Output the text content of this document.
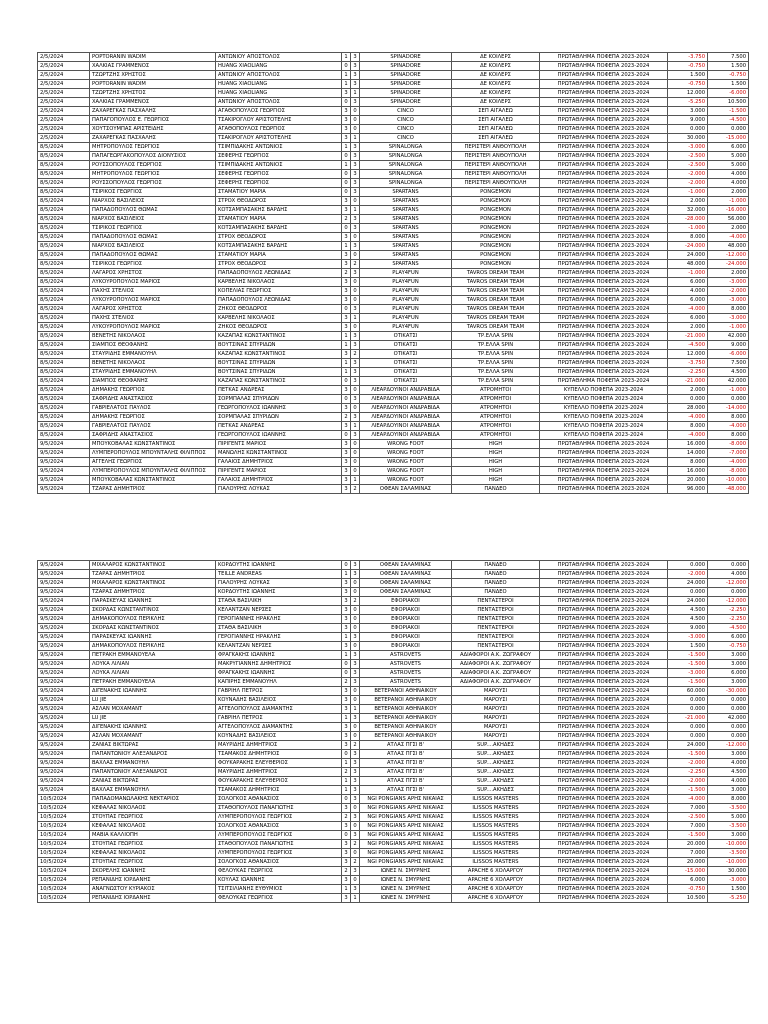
2/5/2024	ΡΟΡΤΟRANIN WADIM	ΑΝΤΩΝΙΟΥ ΑΠΟΣΤΟΛΟΣ	1	3	SPINADORE	ΔΕ ΚΟΙΛΕΡΣ	ΠΡΩΤΑΘΛΗΜΑ ΠΟΦΕΠΑ 2023-2024	-3.750	7.500
2/5/2024	ΧΑΛΚΙΑΣ ΓΡΑΜΜΕΝΟΣ	HUANG XIAOLIANG	0	3	SPINADORE	ΔΕ ΚΟΙΛΕΡΣ	ΠΡΩΤΑΘΛΗΜΑ ΠΟΦΕΠΑ 2023-2024	-0.750	1.500
2/5/2024	ΤΖΩΡΤΖΗΣ ΧΡΗΣΤΟΣ	ΑΝΤΩΝΙΟΥ ΑΠΟΣΤΟΛΟΣ	1	3	SPINADORE	ΔΕ ΚΟΙΛΕΡΣ	ΠΡΩΤΑΘΛΗΜΑ ΠΟΦΕΠΑ 2023-2024	1.500	-0.750
2/5/2024	ΡΟΡΤΟRANIN WADIM	HUANG XIAOLIANG	1	3	SPINADORE	ΔΕ ΚΟΙΛΕΡΣ	ΠΡΩΤΑΘΛΗΜΑ ΠΟΦΕΠΑ 2023-2024	-0.750	1.500
2/5/2024	ΤΖΩΡΤΖΗΣ ΧΡΗΣΤΟΣ	HUANG XIAOLIANG	3	1	SPINADORE	ΔΕ ΚΟΙΛΕΡΣ	ΠΡΩΤΑΘΛΗΜΑ ΠΟΦΕΠΑ 2023-2024	12.000	-6.000
2/5/2024	ΧΑΛΚΙΑΣ ΓΡΑΜΜΕΝΟΣ	ΑΝΤΩΝΙΟΥ ΑΠΟΣΤΟΛΟΣ	0	3	SPINADORE	ΔΕ ΚΟΙΛΕΡΣ	ΠΡΩΤΑΘΛΗΜΑ ΠΟΦΕΠΑ 2023-2024	-5.250	10.500
2/5/2024	ΖΑΧΑΡΕΓΚΑΣ ΠΑΣΧΑΛΗΣ	ΑΓΑΘΟΠΟΥΛΟΣ ΓΕΩΡΓΙΟΣ	3	0	CINCO	ΣΕΠ ΑΙΓΑΛΕΩ	ΠΡΩΤΑΘΛΗΜΑ ΠΟΦΕΠΑ 2023-2024	3.000	-1.500
2/5/2024	ΠΑΠΑΓΟΠΟΥΛΟΣ Ε. ΓΕΩΡΓΙΟΣ	ΤΣΑΚΙΡΟΓΛΟΥ ΑΡΙΣΤΟΤΕΛΗΣ	3	0	CINCO	ΣΕΠ ΑΙΓΑΛΕΩ	ΠΡΩΤΑΘΛΗΜΑ ΠΟΦΕΠΑ 2023-2024	9.000	-4.500
2/5/2024	ΧΟΥΤΣΟΥΜΠΑΣ ΑΡΙΣΤΕΙΔΗΣ	ΑΓΑΘΟΠΟΥΛΟΣ ΓΕΩΡΓΙΟΣ	3	0	CINCO	ΣΕΠ ΑΙΓΑΛΕΩ	ΠΡΩΤΑΘΛΗΜΑ ΠΟΦΕΠΑ 2023-2024	0.000	0.000
2/5/2024	ΖΑΧΑΡΕΓΚΑΣ ΠΑΣΧΑΛΗΣ	ΤΣΑΚΙΡΟΓΛΟΥ ΑΡΙΣΤΟΤΕΛΗΣ	3	1	CINCO	ΣΕΠ ΑΙΓΑΛΕΩ	ΠΡΩΤΑΘΛΗΜΑ ΠΟΦΕΠΑ 2023-2024	30.000	-15.000
8/5/2024	ΜΗΤΡΟΠΟΥΛΟΣ ΓΕΩΡΓΙΟΣ	ΤΣΙΜΠΙΔΑΚΗΣ ΑΝΤΩΝΙΟΣ	1	3	SPINALONGA	ΠΕΡΙΣΤΕΡΙ ΑΝΘΟΥΠΟΛΗ	ΠΡΩΤΑΘΛΗΜΑ ΠΟΦΕΠΑ 2023-2024	-3.000	6.000
8/5/2024	ΠΑΠΑΓΕΩΡΓΑΚΟΠΟΥΛΟΣ ΔΙΟΝΥΣΙΟΣ	ΣΕΦΕΡΗΣ ΓΕΩΡΓΙΟΣ	0	3	SPINALONGA	ΠΕΡΙΣΤΕΡΙ ΑΝΘΟΥΠΟΛΗ	ΠΡΩΤΑΘΛΗΜΑ ΠΟΦΕΠΑ 2023-2024	-2.500	5.000
8/5/2024	ΡΟΥΣΣΟΠΟΥΛΟΣ ΓΕΩΡΓΙΟΣ	ΤΣΙΜΠΙΔΑΚΗΣ ΑΝΤΩΝΙΟΣ	1	3	SPINALONGA	ΠΕΡΙΣΤΕΡΙ ΑΝΘΟΥΠΟΛΗ	ΠΡΩΤΑΘΛΗΜΑ ΠΟΦΕΠΑ 2023-2024	-2.500	5.000
8/5/2024	ΜΗΤΡΟΠΟΥΛΟΣ ΓΕΩΡΓΙΟΣ	ΣΕΦΕΡΗΣ ΓΕΩΡΓΙΟΣ	0	3	SPINALONGA	ΠΕΡΙΣΤΕΡΙ ΑΝΘΟΥΠΟΛΗ	ΠΡΩΤΑΘΛΗΜΑ ΠΟΦΕΠΑ 2023-2024	-2.000	4.000
8/5/2024	ΡΟΥΣΣΟΠΟΥΛΟΣ ΓΕΩΡΓΙΟΣ	ΣΕΦΕΡΗΣ ΓΕΩΡΓΙΟΣ	0	3	SPINALONGA	ΠΕΡΙΣΤΕΡΙ ΑΝΘΟΥΠΟΛΗ	ΠΡΩΤΑΘΛΗΜΑ ΠΟΦΕΠΑ 2023-2024	-2.000	4.000
8/5/2024	ΤΣΙΡΙΚΟΣ ΓΕΩΡΓΙΟΣ	ΣΤΑΜΑΤΙΟΥ ΜΑΡΙΑ	0	3	SPARTANS	PONGEMON	ΠΡΩΤΑΘΛΗΜΑ ΠΟΦΕΠΑ 2023-2024	-1.000	2.000
8/5/2024	ΝΙΑΡΧΟΣ ΒΑΣΙΛΕΙΟΣ	ΣΤΡΟΧ ΘΕΟΔΩΡΟΣ	3	0	SPARTANS	PONGEMON	ΠΡΩΤΑΘΛΗΜΑ ΠΟΦΕΠΑ 2023-2024	2.000	-1.000
8/5/2024	ΠΑΠΑΔΟΠΟΥΛΟΣ ΘΩΜΑΣ	ΚΟΤΣΑΜΠΑΣΑΚΗΣ ΒΑΡΔΗΣ	3	1	SPARTANS	PONGEMON	ΠΡΩΤΑΘΛΗΜΑ ΠΟΦΕΠΑ 2023-2024	32.000	-16.000
8/5/2024	ΝΙΑΡΧΟΣ ΒΑΣΙΛΕΙΟΣ	ΣΤΑΜΑΤΙΟΥ ΜΑΡΙΑ	2	3	SPARTANS	PONGEMON	ΠΡΩΤΑΘΛΗΜΑ ΠΟΦΕΠΑ 2023-2024	-28.000	56.000
8/5/2024	ΤΣΙΡΙΚΟΣ ΓΕΩΡΓΙΟΣ	ΚΟΤΣΑΜΠΑΣΑΚΗΣ ΒΑΡΔΗΣ	0	3	SPARTANS	PONGEMON	ΠΡΩΤΑΘΛΗΜΑ ΠΟΦΕΠΑ 2023-2024	-1.000	2.000
8/5/2024	ΠΑΠΑΔΟΠΟΥΛΟΣ ΘΩΜΑΣ	ΣΤΡΟΧ ΘΕΟΔΩΡΟΣ	3	0	SPARTANS	PONGEMON	ΠΡΩΤΑΘΛΗΜΑ ΠΟΦΕΠΑ 2023-2024	8.000	-4.000
8/5/2024	ΝΙΑΡΧΟΣ ΒΑΣΙΛΕΙΟΣ	ΚΟΤΣΑΜΠΑΣΑΚΗΣ ΒΑΡΔΗΣ	1	3	SPARTANS	PONGEMON	ΠΡΩΤΑΘΛΗΜΑ ΠΟΦΕΠΑ 2023-2024	-24.000	48.000
8/5/2024	ΠΑΠΑΔΟΠΟΥΛΟΣ ΘΩΜΑΣ	ΣΤΑΜΑΤΙΟΥ ΜΑΡΙΑ	3	0	SPARTANS	PONGEMON	ΠΡΩΤΑΘΛΗΜΑ ΠΟΦΕΠΑ 2023-2024	24.000	-12.000
8/5/2024	ΤΣΙΡΙΚΟΣ ΓΕΩΡΓΙΟΣ	ΣΤΡΟΧ ΘΕΟΔΩΡΟΣ	3	2	SPARTANS	PONGEMON	ΠΡΩΤΑΘΛΗΜΑ ΠΟΦΕΠΑ 2023-2024	48.000	-24.000
8/5/2024	ΛΑΓΑΡΟΣ ΧΡΗΣΤΟΣ	ΠΑΠΑΔΟΠΟΥΛΟΣ ΛΕΩΝΙΔΑΣ	2	3	PLAY4FUN	TAVROS DREAM TEAM	ΠΡΩΤΑΘΛΗΜΑ ΠΟΦΕΠΑ 2023-2024	-1.000	2.000
8/5/2024	ΛΥΚΟΥΡΟΠΟΥΛΟΣ ΜΑΡΙΟΣ	ΚΑΡΒΕΛΗΣ ΝΙΚΟΛΑΟΣ	3	0	PLAY4FUN	TAVROS DREAM TEAM	ΠΡΩΤΑΘΛΗΜΑ ΠΟΦΕΠΑ 2023-2024	6.000	-3.000
8/5/2024	ΠΑΧΗΣ ΣΤΕΛΙΟΣ	ΚΟΠΕΛΙΑΣ ΓΕΩΡΓΙΟΣ	3	0	PLAY4FUN	TAVROS DREAM TEAM	ΠΡΩΤΑΘΛΗΜΑ ΠΟΦΕΠΑ 2023-2024	4.000	-2.000
8/5/2024	ΛΥΚΟΥΡΟΠΟΥΛΟΣ ΜΑΡΙΟΣ	ΠΑΠΑΔΟΠΟΥΛΟΣ ΛΕΩΝΙΔΑΣ	3	0	PLAY4FUN	TAVROS DREAM TEAM	ΠΡΩΤΑΘΛΗΜΑ ΠΟΦΕΠΑ 2023-2024	6.000	-3.000
8/5/2024	ΛΑΓΑΡΟΣ ΧΡΗΣΤΟΣ	ΖΗΚΟΣ ΘΕΟΔΩΡΟΣ	0	3	PLAY4FUN	TAVROS DREAM TEAM	ΠΡΩΤΑΘΛΗΜΑ ΠΟΦΕΠΑ 2023-2024	-4.000	8.000
8/5/2024	ΠΑΧΗΣ ΣΤΕΛΙΟΣ	ΚΑΡΒΕΛΗΣ ΝΙΚΟΛΑΟΣ	3	1	PLAY4FUN	TAVROS DREAM TEAM	ΠΡΩΤΑΘΛΗΜΑ ΠΟΦΕΠΑ 2023-2024	6.000	-3.000
8/5/2024	ΛΥΚΟΥΡΟΠΟΥΛΟΣ ΜΑΡΙΟΣ	ΖΗΚΟΣ ΘΕΟΔΩΡΟΣ	3	0	PLAY4FUN	TAVROS DREAM TEAM	ΠΡΩΤΑΘΛΗΜΑ ΠΟΦΕΠΑ 2023-2024	2.000	-1.000
8/5/2024	ΒΕΝΕΤΗΣ ΝΙΚΟΛΑΟΣ	ΚΑΖΑΠΑΣ ΚΩΝΣΤΑΝΤΙΝΟΣ	1	3	ΟΤΙΚΑΤΣΙ	ΤΡ.ΕΛΛΑ SPIN	ΠΡΩΤΑΘΛΗΜΑ ΠΟΦΕΠΑ 2023-2024	-21.000	42.000
8/5/2024	ΣΙΑΜΠΟΣ ΘΕΟΦΑΝΗΣ	ΒΟΥΤΣΙΝΑΣ ΣΠΥΡΙΔΩΝ	1	3	ΟΤΙΚΑΤΣΙ	ΤΡ.ΕΛΛΑ SPIN	ΠΡΩΤΑΘΛΗΜΑ ΠΟΦΕΠΑ 2023-2024	-4.500	9.000
8/5/2024	ΣΤΑΥΡΙΔΗΣ ΕΜΜΑΝΟΥΗΛ	ΚΑΖΑΠΑΣ ΚΩΝΣΤΑΝΤΙΝΟΣ	3	2	ΟΤΙΚΑΤΣΙ	ΤΡ.ΕΛΛΑ SPIN	ΠΡΩΤΑΘΛΗΜΑ ΠΟΦΕΠΑ 2023-2024	12.000	-6.000
8/5/2024	ΒΕΝΕΤΗΣ ΝΙΚΟΛΑΟΣ	ΒΟΥΤΣΙΝΑΣ ΣΠΥΡΙΔΩΝ	1	3	ΟΤΙΚΑΤΣΙ	ΤΡ.ΕΛΛΑ SPIN	ΠΡΩΤΑΘΛΗΜΑ ΠΟΦΕΠΑ 2023-2024	-3.750	7.500
8/5/2024	ΣΤΑΥΡΙΔΗΣ ΕΜΜΑΝΟΥΗΛ	ΒΟΥΤΣΙΝΑΣ ΣΠΥΡΙΔΩΝ	1	3	ΟΤΙΚΑΤΣΙ	ΤΡ.ΕΛΛΑ SPIN	ΠΡΩΤΑΘΛΗΜΑ ΠΟΦΕΠΑ 2023-2024	-2.250	4.500
8/5/2024	ΣΙΑΜΠΟΣ ΘΕΟΦΑΝΗΣ	ΚΑΖΑΠΑΣ ΚΩΝΣΤΑΝΤΙΝΟΣ	0	3	ΟΤΙΚΑΤΣΙ	ΤΡ.ΕΛΛΑ SPIN	ΠΡΩΤΑΘΛΗΜΑ ΠΟΦΕΠΑ 2023-2024	-21.000	42.000
8/5/2024	ΔΗΜΑΚΗΣ ΓΕΩΡΓΙΟΣ	ΠΕΤΚΑΣ ΑΝΔΡΕΑΣ	3	0	ΛΙΕΑΡΔΟΥΙΝΟΙ ΑΝΔΡΑΒΙΔΑ	ΑΤΡΟΜΗΤΟΙ	ΚΥΠΕΛΛΟ ΠΟΦΕΠΑ 2023-2024	2.000	-1.000
8/5/2024	ΣΑΦΡΙΔΗΣ ΑΝΑΣΤΑΣΙΟΣ	ΣΟΡΜΠΑΛΑΣ ΣΠΥΡΙΔΩΝ	0	3	ΛΙΕΑΡΔΟΥΙΝΟΙ ΑΝΔΡΑΒΙΔΑ	ΑΤΡΟΜΗΤΟΙ	ΚΥΠΕΛΛΟ ΠΟΦΕΠΑ 2023-2024	0.000	0.000
8/5/2024	ΓΑΒΡΙΕΛΑΤΟΣ ΠΑΥΛΟΣ	ΓΕΩΡΓΟΠΟΥΛΟΣ ΙΩΑΝΝΗΣ	3	0	ΛΙΕΑΡΔΟΥΙΝΟΙ ΑΝΔΡΑΒΙΔΑ	ΑΤΡΟΜΗΤΟΙ	ΚΥΠΕΛΛΟ ΠΟΦΕΠΑ 2023-2024	28.000	-14.000
8/5/2024	ΔΗΜΑΚΗΣ ΓΕΩΡΓΙΟΣ	ΣΟΡΜΠΑΛΑΣ ΣΠΥΡΙΔΩΝ	2	3	ΛΙΕΑΡΔΟΥΙΝΟΙ ΑΝΔΡΑΒΙΔΑ	ΑΤΡΟΜΗΤΟΙ	ΚΥΠΕΛΛΟ ΠΟΦΕΠΑ 2023-2024	-4.000	8.000
8/5/2024	ΓΑΒΡΙΕΛΑΤΟΣ ΠΑΥΛΟΣ	ΠΕΤΚΑΣ ΑΝΔΡΕΑΣ	3	1	ΛΙΕΑΡΔΟΥΙΝΟΙ ΑΝΔΡΑΒΙΔΑ	ΑΤΡΟΜΗΤΟΙ	ΚΥΠΕΛΛΟ ΠΟΦΕΠΑ 2023-2024	8.000	-4.000
8/5/2024	ΣΑΦΡΙΔΗΣ ΑΝΑΣΤΑΣΙΟΣ	ΓΕΩΡΓΟΠΟΥΛΟΣ ΙΩΑΝΝΗΣ	0	3	ΛΙΕΑΡΔΟΥΙΝΟΙ ΑΝΔΡΑΒΙΔΑ	ΑΤΡΟΜΗΤΟΙ	ΚΥΠΕΛΛΟ ΠΟΦΕΠΑ 2023-2024	-4.000	8.000
9/5/2024	ΜΠΟΥΚΟΒΑΛΑΣ ΚΩΝΣΤΑΝΤΙΝΟΣ	ΠΙΡΙΓΕΝΤΣ ΜΑΡΙΟΣ	3	0	WRONG FOOT	HIGH	ΠΡΩΤΑΘΛΗΜΑ ΠΟΦΕΠΑ 2023-2024	16.000	-8.000
9/5/2024	ΛΥΜΠΕΡΟΠΟΥΛΟΣ ΜΠΟΥΝΤΑΛΗΣ ΦΙΛΙΠΠΟΣ	ΜΑΝΩΛΗΣ ΚΩΝΣΤΑΝΤΙΝΟΣ	3	0	WRONG FOOT	HIGH	ΠΡΩΤΑΘΛΗΜΑ ΠΟΦΕΠΑ 2023-2024	14.000	-7.000
9/5/2024	ΑΓΓΕΛΗΣ ΓΕΩΡΓΙΟΣ	ΓΑΛΑΙΟΣ ΔΗΜΗΤΡΙΟΣ	3	0	WRONG FOOT	HIGH	ΠΡΩΤΑΘΛΗΜΑ ΠΟΦΕΠΑ 2023-2024	8.000	-4.000
9/5/2024	ΛΥΜΠΕΡΟΠΟΥΛΟΣ ΜΠΟΥΝΤΑΛΗΣ ΦΙΛΙΠΠΟΣ	ΠΙΡΙΓΕΝΤΣ ΜΑΡΙΟΣ	3	0	WRONG FOOT	HIGH	ΠΡΩΤΑΘΛΗΜΑ ΠΟΦΕΠΑ 2023-2024	16.000	-8.000
9/5/2024	ΜΠΟΥΚΟΒΑΛΑΣ ΚΩΝΣΤΑΝΤΙΝΟΣ	ΓΑΛΑΙΟΣ ΔΗΜΗΤΡΙΟΣ	3	1	WRONG FOOT	HIGH	ΠΡΩΤΑΘΛΗΜΑ ΠΟΦΕΠΑ 2023-2024	20.000	-10.000
9/5/2024	ΤΖΑΡΑΣ ΔΗΜΗΤΡΙΟΣ	ΓΙΑΛΟΥΡΗΣ ΛΟΥΚΑΣ	3	2	ΟΦΕΑΝ ΣΑΛΑΜΙΝΑΣ	ΠΑΝΔΕΟ	ΠΡΩΤΑΘΛΗΜΑ ΠΟΦΕΠΑ 2023-2024	96.000	-48.000
9/5/2024	ΜΙΧΑΛΑΡΟΣ ΚΩΝΣΤΑΝΤΙΝΟΣ	ΚΟΡΔΟΥΤΗΣ ΙΩΑΝΝΗΣ	0	3	ΟΦΕΑΝ ΣΑΛΑΜΙΝΑΣ	ΠΑΝΔΕΟ	ΠΡΩΤΑΘΛΗΜΑ ΠΟΦΕΠΑ 2023-2024	0.000	0.000
9/5/2024	ΤΖΑΡΑΣ ΔΗΜΗΤΡΙΟΣ	TEILLE ANDREAS	1	3	ΟΦΕΑΝ ΣΑΛΑΜΙΝΑΣ	ΠΑΝΔΕΟ	ΠΡΩΤΑΘΛΗΜΑ ΠΟΦΕΠΑ 2023-2024	-2.000	4.000
9/5/2024	ΜΙΧΑΛΑΡΟΣ ΚΩΝΣΤΑΝΤΙΝΟΣ	ΓΙΑΛΟΥΡΗΣ ΛΟΥΚΑΣ	3	0	ΟΦΕΑΝ ΣΑΛΑΜΙΝΑΣ	ΠΑΝΔΕΟ	ΠΡΩΤΑΘΛΗΜΑ ΠΟΦΕΠΑ 2023-2024	24.000	-12.000
9/5/2024	ΤΖΑΡΑΣ ΔΗΜΗΤΡΙΟΣ	ΚΟΡΔΟΥΤΗΣ ΙΩΑΝΝΗΣ	3	0	ΟΦΕΑΝ ΣΑΛΑΜΙΝΑΣ	ΠΑΝΔΕΟ	ΠΡΩΤΑΘΛΗΜΑ ΠΟΦΕΠΑ 2023-2024	0.000	0.000
9/5/2024	ΠΑΡΑΣΚΕΥΑΣ ΙΩΑΝΝΗΣ	ΣΤΑΘΑ ΒΑΣΙΛΙΚΗ	3	2	ΕΦΟΡΙΑΚΟΙ	ΠΕΝΤΑΣΤΕΡΟΙ	ΠΡΩΤΑΘΛΗΜΑ ΠΟΦΕΠΑ 2023-2024	24.000	-12.000
9/5/2024	ΣΚΟΡΔΑΣ ΚΩΝΣΤΑΝΤΙΝΟΣ	ΚΕΛΑΝΤΖΑΝ ΝΕΡΣΕΣ	3	0	ΕΦΟΡΙΑΚΟΙ	ΠΕΝΤΑΣΤΕΡΟΙ	ΠΡΩΤΑΘΛΗΜΑ ΠΟΦΕΠΑ 2023-2024	4.500	-2.250
9/5/2024	ΔΗΜΑΚΟΠΟΥΛΟΣ ΠΕΡΙΚΛΗΣ	ΓΕΡΟΓΙΑΝΝΗΣ ΗΡΑΚΛΗΣ	3	0	ΕΦΟΡΙΑΚΟΙ	ΠΕΝΤΑΣΤΕΡΟΙ	ΠΡΩΤΑΘΛΗΜΑ ΠΟΦΕΠΑ 2023-2024	4.500	-2.250
9/5/2024	ΣΚΟΡΔΑΣ ΚΩΝΣΤΑΝΤΙΝΟΣ	ΣΤΑΘΑ ΒΑΣΙΛΙΚΗ	3	0	ΕΦΟΡΙΑΚΟΙ	ΠΕΝΤΑΣΤΕΡΟΙ	ΠΡΩΤΑΘΛΗΜΑ ΠΟΦΕΠΑ 2023-2024	9.000	-4.500
9/5/2024	ΠΑΡΑΣΚΕΥΑΣ ΙΩΑΝΝΗΣ	ΓΕΡΟΓΙΑΝΝΗΣ ΗΡΑΚΛΗΣ	1	3	ΕΦΟΡΙΑΚΟΙ	ΠΕΝΤΑΣΤΕΡΟΙ	ΠΡΩΤΑΘΛΗΜΑ ΠΟΦΕΠΑ 2023-2024	-3.000	6.000
9/5/2024	ΔΗΜΑΚΟΠΟΥΛΟΣ ΠΕΡΙΚΛΗΣ	ΚΕΛΑΝΤΖΑΝ ΝΕΡΣΕΣ	3	0	ΕΦΟΡΙΑΚΟΙ	ΠΕΝΤΑΣΤΕΡΟΙ	ΠΡΩΤΑΘΛΗΜΑ ΠΟΦΕΠΑ 2023-2024	1.500	-0.750
9/5/2024	ΠΕΤΡΑΚΗ ΕΜΜΑΝΟΥΕΛΑ	ΦΡΑΓΚΑΚΗΣ ΙΩΑΝΝΗΣ	1	3	ASTROVETS	ΑΔΙΑΦΟΡΟΙ Α.Κ. ΖΩΓΡΑΦΟΥ	ΠΡΩΤΑΘΛΗΜΑ ΠΟΦΕΠΑ 2023-2024	-1.500	3.000
9/5/2024	ΛΟΥΚΑ ΛΙΛΙΑΝ	ΜΑΚΡΥΓΙΑΝΝΗΣ ΔΗΜΗΤΡΙΟΣ	0	3	ASTROVETS	ΑΔΙΑΦΟΡΟΙ Α.Κ. ΖΩΓΡΑΦΟΥ	ΠΡΩΤΑΘΛΗΜΑ ΠΟΦΕΠΑ 2023-2024	-1.500	3.000
9/5/2024	ΛΟΥΚΑ ΛΙΛΙΑΝ	ΦΡΑΓΚΑΚΗΣ ΙΩΑΝΝΗΣ	0	3	ASTROVETS	ΑΔΙΑΦΟΡΟΙ Α.Κ. ΖΩΓΡΑΦΟΥ	ΠΡΩΤΑΘΛΗΜΑ ΠΟΦΕΠΑ 2023-2024	-3.000	6.000
9/5/2024	ΠΕΤΡΑΚΗ ΕΜΜΑΝΟΥΕΛΑ	ΚΑΠΙΡΗΣ ΕΜΜΑΝΟΥΗΛ	2	3	ASTROVETS	ΑΔΙΑΦΟΡΟΙ Α.Κ. ΖΩΓΡΑΦΟΥ	ΠΡΩΤΑΘΛΗΜΑ ΠΟΦΕΠΑ 2023-2024	-1.500	3.000
9/5/2024	ΔΙΓΕΝΑΚΗΣ ΙΩΑΝΝΗΣ	ΓΑΒΡΙΗΛ ΠΕΤΡΟΣ	3	0	ΒΕΤΕΡΑΝΟΙ ΑΘΗΝΑΙΚΟΥ	ΜΑΡΟΥΣΙ	ΠΡΩΤΑΘΛΗΜΑ ΠΟΦΕΠΑ 2023-2024	60.000	-30.000
9/5/2024	LU JIE	ΚΟΥΝΑΔΗΣ ΒΑΣΙΛΕΙΟΣ	3	0	ΒΕΤΕΡΑΝΟΙ ΑΘΗΝΑΙΚΟΥ	ΜΑΡΟΥΣΙ	ΠΡΩΤΑΘΛΗΜΑ ΠΟΦΕΠΑ 2023-2024	0.000	0.000
9/5/2024	ΑΣΛΑΝ ΜΟΧΑΜΑΝΤ	ΑΓΓΕΛΟΠΟΥΛΟΣ ΔΙΑΜΑΝΤΗΣ	3	1	ΒΕΤΕΡΑΝΟΙ ΑΘΗΝΑΙΚΟΥ	ΜΑΡΟΥΣΙ	ΠΡΩΤΑΘΛΗΜΑ ΠΟΦΕΠΑ 2023-2024	0.000	0.000
9/5/2024	LU JIE	ΓΑΒΡΙΗΛ ΠΕΤΡΟΣ	1	3	ΒΕΤΕΡΑΝΟΙ ΑΘΗΝΑΙΚΟΥ	ΜΑΡΟΥΣΙ	ΠΡΩΤΑΘΛΗΜΑ ΠΟΦΕΠΑ 2023-2024	-21.000	42.000
9/5/2024	ΔΙΓΕΝΑΚΗΣ ΙΩΑΝΝΗΣ	ΑΓΓΕΛΟΠΟΥΛΟΣ ΔΙΑΜΑΝΤΗΣ	3	0	ΒΕΤΕΡΑΝΟΙ ΑΘΗΝΑΙΚΟΥ	ΜΑΡΟΥΣΙ	ΠΡΩΤΑΘΛΗΜΑ ΠΟΦΕΠΑ 2023-2024	0.000	0.000
9/5/2024	ΑΣΛΑΝ ΜΟΧΑΜΑΝΤ	ΚΟΥΝΑΔΗΣ ΒΑΣΙΛΕΙΟΣ	3	0	ΒΕΤΕΡΑΝΟΙ ΑΘΗΝΑΙΚΟΥ	ΜΑΡΟΥΣΙ	ΠΡΩΤΑΘΛΗΜΑ ΠΟΦΕΠΑ 2023-2024	0.000	0.000
9/5/2024	ΖΑΝΙΑΣ ΒΙΚΤΩΡΑΣ	ΜΑΥΡΙΔΗΣ ΔΗΜΗΤΡΙΟΣ	3	2	ΑΤΛΑΣ ΠΓΣΙ Β'	SUP....ΑΚΗΔΕΣ	ΠΡΩΤΑΘΛΗΜΑ ΠΟΦΕΠΑ 2023-2024	24.000	-12.000
9/5/2024	ΠΑΠΑΝΤΩΝΙΟΥ ΑΛΕΞΑΝΔΡΟΣ	ΤΣΑΜΑΚΟΣ ΔΗΜΗΤΡΙΟΣ	0	3	ΑΤΛΑΣ ΠΓΣΙ Β'	SUP....ΑΚΗΔΕΣ	ΠΡΩΤΑΘΛΗΜΑ ΠΟΦΕΠΑ 2023-2024	-1.500	3.000
9/5/2024	ΒΑΧΛΑΣ ΕΜΜΑΝΟΥΗΛ	ΦΟΥΚΑΡΑΚΗΣ ΕΛΕΥΘΕΡΙΟΣ	1	3	ΑΤΛΑΣ ΠΓΣΙ Β'	SUP....ΑΚΗΔΕΣ	ΠΡΩΤΑΘΛΗΜΑ ΠΟΦΕΠΑ 2023-2024	-2.000	4.000
9/5/2024	ΠΑΠΑΝΤΩΝΙΟΥ ΑΛΕΞΑΝΔΡΟΣ	ΜΑΥΡΙΔΗΣ ΔΗΜΗΤΡΙΟΣ	2	3	ΑΤΛΑΣ ΠΓΣΙ Β'	SUP....ΑΚΗΔΕΣ	ΠΡΩΤΑΘΛΗΜΑ ΠΟΦΕΠΑ 2023-2024	-2.250	4.500
9/5/2024	ΖΑΝΙΑΣ ΒΙΚΤΩΡΑΣ	ΦΟΥΚΑΡΑΚΗΣ ΕΛΕΥΘΕΡΙΟΣ	1	3	ΑΤΛΑΣ ΠΓΣΙ Β'	SUP....ΑΚΗΔΕΣ	ΠΡΩΤΑΘΛΗΜΑ ΠΟΦΕΠΑ 2023-2024	-2.000	4.000
9/5/2024	ΒΑΧΛΑΣ ΕΜΜΑΝΟΥΗΛ	ΤΣΑΜΑΚΟΣ ΔΗΜΗΤΡΙΟΣ	1	3	ΑΤΛΑΣ ΠΓΣΙ Β'	SUP....ΑΚΗΔΕΣ	ΠΡΩΤΑΘΛΗΜΑ ΠΟΦΕΠΑ 2023-2024	-1.500	3.000
10/5/2024	ΠΑΠΑΔΟΜΑΝΩΛΑΚΗΣ ΝΕΚΤΑΡΙΟΣ	ΣΟΛΟΓΚΟΣ ΑΘΑΝΑΣΙΟΣ	0	3	NGI PONGIANS ΑΡΗΣ ΝΙΚΑΙΑΣ	ILISSOS MASTERS	ΠΡΩΤΑΘΛΗΜΑ ΠΟΦΕΠΑ 2023-2024	-4.000	8.000
10/5/2024	ΚΕΦΑΛΑΣ ΝΙΚΟΛΑΟΣ	ΣΤΑΘΟΠΟΥΛΟΣ ΠΑΝΑΓΙΩΤΗΣ	3	0	NGI PONGIANS ΑΡΗΣ ΝΙΚΑΙΑΣ	ILISSOS MASTERS	ΠΡΩΤΑΘΛΗΜΑ ΠΟΦΕΠΑ 2023-2024	7.000	-3.500
10/5/2024	ΣΤΟΥΠΑΣ ΓΕΩΡΓΙΟΣ	ΛΥΜΠΕΡΟΠΟΥΛΟΣ ΓΕΩΡΓΙΟΣ	2	3	NGI PONGIANS ΑΡΗΣ ΝΙΚΑΙΑΣ	ILISSOS MASTERS	ΠΡΩΤΑΘΛΗΜΑ ΠΟΦΕΠΑ 2023-2024	-2.500	5.000
10/5/2024	ΚΕΦΑΛΑΣ ΝΙΚΟΛΑΟΣ	ΣΟΛΟΓΚΟΣ ΑΘΑΝΑΣΙΟΣ	3	0	NGI PONGIANS ΑΡΗΣ ΝΙΚΑΙΑΣ	ILISSOS MASTERS	ΠΡΩΤΑΘΛΗΜΑ ΠΟΦΕΠΑ 2023-2024	7.000	-3.500
10/5/2024	ΜΑΒΙΑ ΚΑΛΛΙΟΠΗ	ΛΥΜΠΕΡΟΠΟΥΛΟΣ ΓΕΩΡΓΙΟΣ	0	3	NGI PONGIANS ΑΡΗΣ ΝΙΚΑΙΑΣ	ILISSOS MASTERS	ΠΡΩΤΑΘΛΗΜΑ ΠΟΦΕΠΑ 2023-2024	-1.500	3.000
10/5/2024	ΣΤΟΥΠΑΣ ΓΕΩΡΓΙΟΣ	ΣΤΑΘΟΠΟΥΛΟΣ ΠΑΝΑΓΙΩΤΗΣ	3	2	NGI PONGIANS ΑΡΗΣ ΝΙΚΑΙΑΣ	ILISSOS MASTERS	ΠΡΩΤΑΘΛΗΜΑ ΠΟΦΕΠΑ 2023-2024	20.000	-10.000
10/5/2024	ΚΕΦΑΛΑΣ ΝΙΚΟΛΑΟΣ	ΛΥΜΠΕΡΟΠΟΥΛΟΣ ΓΕΩΡΓΙΟΣ	3	0	NGI PONGIANS ΑΡΗΣ ΝΙΚΑΙΑΣ	ILISSOS MASTERS	ΠΡΩΤΑΘΛΗΜΑ ΠΟΦΕΠΑ 2023-2024	7.000	-3.500
10/5/2024	ΣΤΟΥΠΑΣ ΓΕΩΡΓΙΟΣ	ΣΟΛΟΓΚΟΣ ΑΘΑΝΑΣΙΟΣ	3	2	NGI PONGIANS ΑΡΗΣ ΝΙΚΑΙΑΣ	ILISSOS MASTERS	ΠΡΩΤΑΘΛΗΜΑ ΠΟΦΕΠΑ 2023-2024	20.000	-10.000
10/5/2024	ΣΚΟΡΕΛΗΣ ΙΩΑΝΝΗΣ	ΦΕΛΟΥΚΑΣ ΓΕΩΡΓΙΟΣ	2	3	ΙΩΝΕΣ Ν. ΣΜΥΡΝΗΣ	APACHE 6 ΧΟΛΑΡΓΟΥ	ΠΡΩΤΑΘΛΗΜΑ ΠΟΦΕΠΑ 2023-2024	-15.000	30.000
10/5/2024	ΡΕΠΑΝΙΔΗΣ ΙΟΡΔΑΝΗΣ	ΚΟΥΛΑΣ ΙΩΑΝΝΗΣ	3	0	ΙΩΝΕΣ Ν. ΣΜΥΡΝΗΣ	APACHE 6 ΧΟΛΑΡΓΟΥ	ΠΡΩΤΑΘΛΗΜΑ ΠΟΦΕΠΑ 2023-2024	6.000	-3.000
10/5/2024	ΑΝΑΓΝΩΣΤΟΥ ΚΥΡΙΑΚΟΣ	ΤΣΙΤΣΙΛΙΑΝΗΣ ΕΥΘΥΜΙΟΣ	1	3	ΙΩΝΕΣ Ν. ΣΜΥΡΝΗΣ	APACHE 6 ΧΟΛΑΡΓΟΥ	ΠΡΩΤΑΘΛΗΜΑ ΠΟΦΕΠΑ 2023-2024	-0.750	1.500
10/5/2024	ΡΕΠΑΝΙΔΗΣ ΙΟΡΔΑΝΗΣ	ΦΕΛΟΥΚΑΣ ΓΕΩΡΓΙΟΣ	3	1	ΙΩΝΕΣ Ν. ΣΜΥΡΝΗΣ	APACHE 6 ΧΟΛΑΡΓΟΥ	ΠΡΩΤΑΘΛΗΜΑ ΠΟΦΕΠΑ 2023-2024	10.500	-5.250
